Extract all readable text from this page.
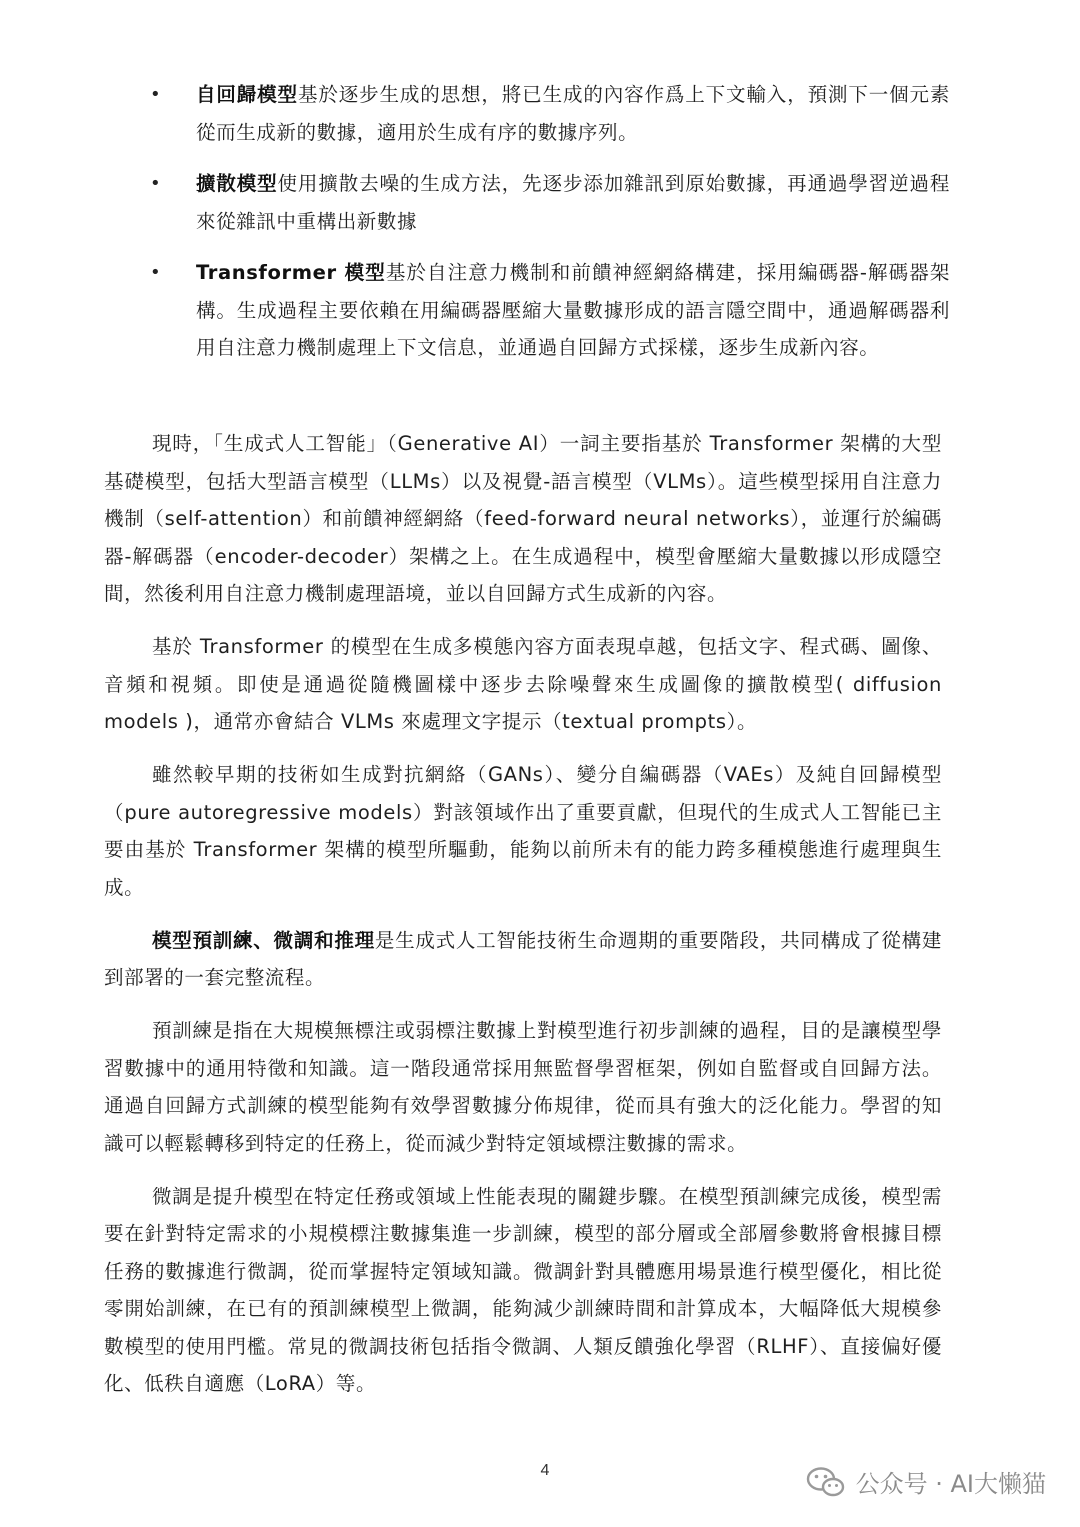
• 自回歸模型基於逐步生成的思想，將已生成的內容作爲上下文輸入，預測下一個元素從而生成新的數據，適用於生成有序的數據序列。
• 擴散模型使用擴散去噪的生成方法，先逐步添加雜訊到原始數據，再通過學習逆過程來從雜訊中重構出新數據
• Transformer 模型基於自注意力機制和前饋神經網絡構建，採用編碼器-解碼器架構。生成過程主要依賴在用編碼器壓縮大量數據形成的語言隱空間中，通過解碼器利用自注意力機制處理上下文信息，並通過自回歸方式採樣，逐步生成新內容。

現時，「生成式人工智能」（Generative AI）一詞主要指基於 Transformer 架構的大型基礎模型，包括大型語言模型（LLMs）以及視覺-語言模型（VLMs）。這些模型採用自注意力機制（self-attention）和前饋神經網絡（feed-forward neural networks），並運行於編碼器-解碼器（encoder-decoder）架構之上。在生成過程中，模型會壓縮大量數據以形成隱空間，然後利用自注意力機制處理語境，並以自回歸方式生成新的內容。

基於 Transformer 的模型在生成多模態內容方面表現卓越，包括文字、程式碼、圖像、音頻和視頻。即使是通過從隨機圖樣中逐步去除噪聲來生成圖像的擴散模型( diffusion models )，通常亦會結合 VLMs 來處理文字提示（textual prompts）。

雖然較早期的技術如生成對抗網絡（GANs）、變分自編碼器（VAEs）及純自回歸模型（pure autoregressive models）對該領域作出了重要貢獻，但現代的生成式人工智能已主要由基於 Transformer 架構的模型所驅動，能夠以前所未有的能力跨多種模態進行處理與生成。

模型預訓練、微調和推理是生成式人工智能技術生命週期的重要階段，共同構成了從構建到部署的一套完整流程。

預訓練是指在大規模無標注或弱標注數據上對模型進行初步訓練的過程，目的是讓模型學習數據中的通用特徵和知識。這一階段通常採用無監督學習框架，例如自監督或自回歸方法。通過自回歸方式訓練的模型能夠有效學習數據分佈規律，從而具有強大的泛化能力。學習的知識可以輕鬆轉移到特定的任務上，從而減少對特定領域標注數據的需求。

微調是提升模型在特定任務或領域上性能表現的關鍵步驟。在模型預訓練完成後，模型需要在針對特定需求的小規模標注數據集進一步訓練，模型的部分層或全部層參數將會根據目標任務的數據進行微調，從而掌握特定領域知識。微調針對具體應用場景進行模型優化，相比從零開始訓練，在已有的預訓練模型上微調，能夠減少訓練時間和計算成本，大幅降低大規模參數模型的使用門檻。常見的微調技術包括指令微調、人類反饋強化學習（RLHF）、直接偏好優化、低秩自適應（LoRA）等。

4	公众号 · AI大懒猫
